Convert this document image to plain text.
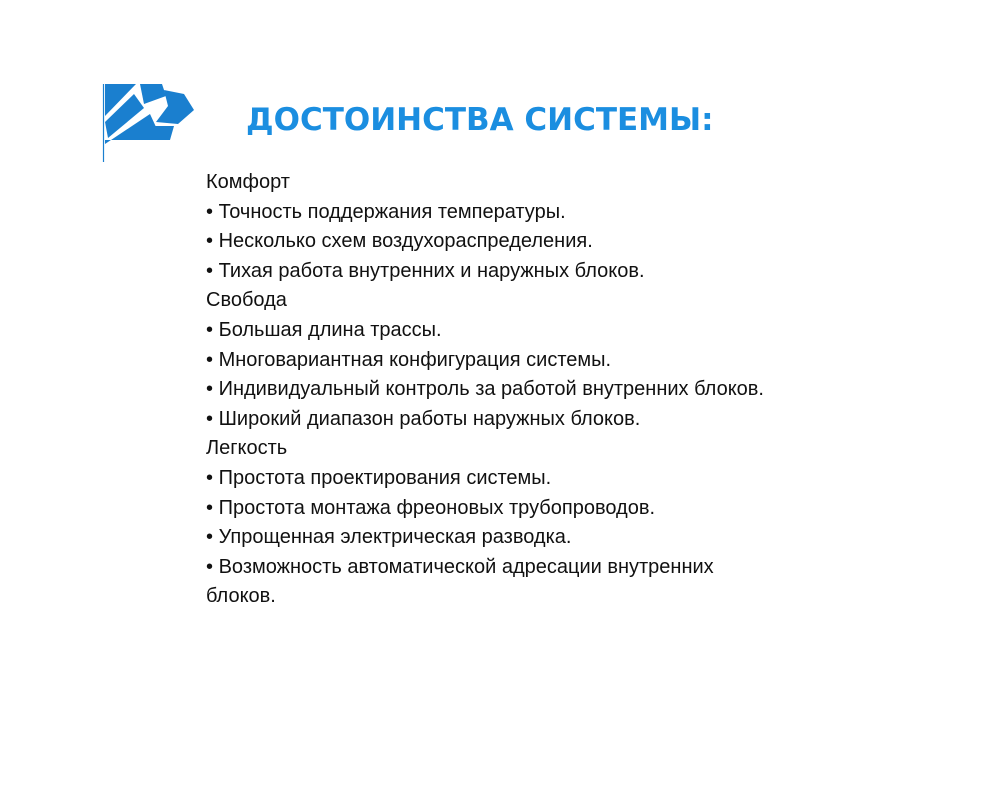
ДОСТОИНСТВА СИСТЕМЫ:

Комфорт

• Точность поддержания температуры.

• Несколько схем воздухораспределения.

• Тихая работа внутренних и наружных блоков.

Свобода

• Большая длина трассы.

• Многовариантная конфигурация системы.

• Индивидуальный контроль за работой внутренних блоков.

• Широкий диапазон работы наружных блоков.

Легкость

• Простота проектирования системы.

• Простота монтажа фреоновых трубопроводов.

• Упрощенная электрическая разводка.

• Возможность автоматической адресации внутренних блоков.
